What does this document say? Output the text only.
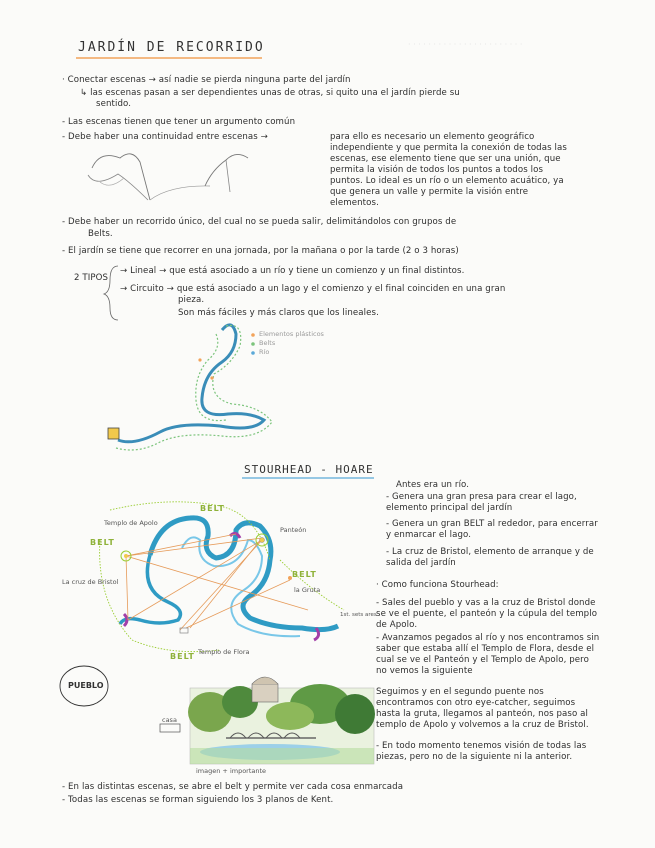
· · · · · · · · · · · · · · · · · · · · · · ·
JARDÍN DE RECORRIDO
· Conectar escenas → así nadie se pierda ninguna parte del jardín
↳ las escenas pasan a ser dependientes unas de otras, si quito una el jardín pierde su
sentido.
- Las escenas tienen que tener un argumento común
- Debe haber una continuidad entre escenas →	para ello es necesario un elemento geográfico independiente y que permita la conexión de todas las escenas, ese elemento tiene que ser una unión, que permita la visión de todos los puntos a todos los puntos. Lo ideal es un río o un elemento acuático, ya que genera un valle y permite la visión entre elementos.
- Debe haber un recorrido único, del cual no se pueda salir, delimitándolos con grupos de
Belts.
- El jardín se tiene que recorrer en una jornada, por la mañana o por la tarde (2 o 3 horas)
2 TIPOS
→ Lineal → que está asociado a un río y tiene un comienzo y un final distintos.
→ Circuito → que está asociado a un lago y el comienzo y el final coinciden en una gran
pieza.
Son más fáciles y más claros que los lineales.
Elementos plásticos
Belts
Río
STOURHEAD - HOARE
BELT
BELT
BELT
BELT
Templo de Apolo
Panteón
La cruz de Bristol
la Gruta
Templo de Flora
1st. sets ares
PUEBLO
casa
imagen + importante
Antes era un río.
- Genera una gran presa para crear el lago, elemento principal del jardín
- Genera un gran BELT al rededor, para encerrar y enmarcar el lago.
- La cruz de Bristol, elemento de arranque y de salida del jardín
· Como funciona Stourhead:
- Sales del pueblo y vas a la cruz de Bristol donde se ve el puente, el panteón y la cúpula del templo de Apolo.
- Avanzamos pegados al río y nos encontramos sin saber que estaba allí el Templo de Flora, desde el cual se ve el Panteón y el Templo de Apolo, pero no vemos la siguiente
Seguimos y en el segundo puente nos encontramos con otro eye-catcher, seguimos hasta la gruta, llegamos al panteón, nos paso al templo de Apolo y volvemos a la cruz de Bristol.
- En todo momento tenemos visión de todas las piezas, pero no de la siguiente ni la anterior.
- En las distintas escenas, se abre el belt y permite ver cada cosa enmarcada
- Todas las escenas se forman siguiendo los 3 planos de Kent.
